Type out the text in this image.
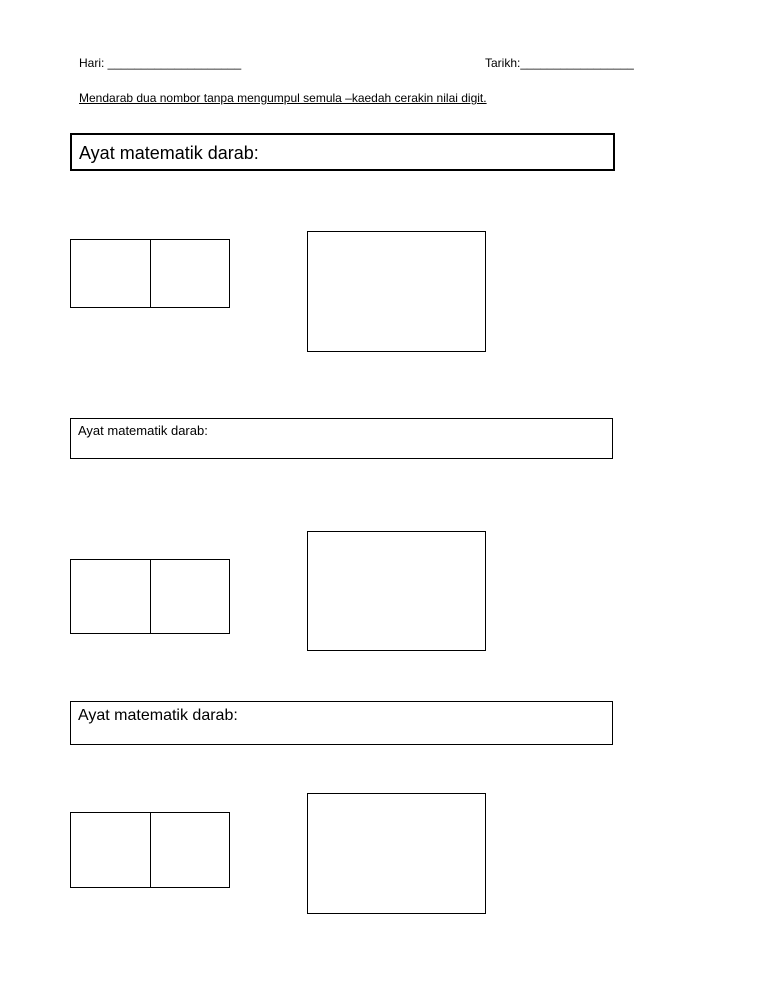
Hari: ____________________	Tarikh:_________________
Mendarab dua nombor tanpa mengumpul semula –kaedah cerakin nilai digit.
Ayat matematik darab:
Ayat matematik darab:
Ayat matematik darab:
